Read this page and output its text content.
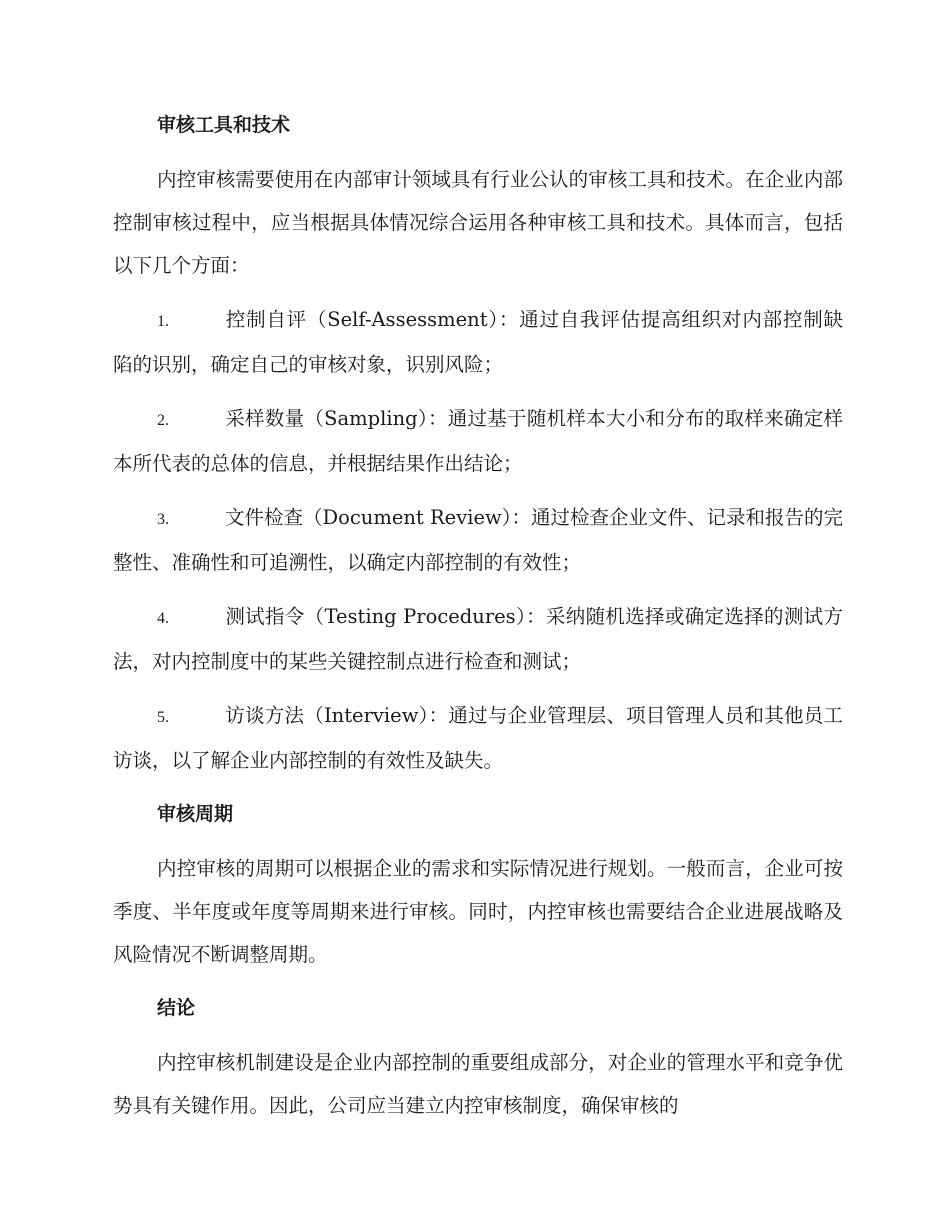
审核工具和技术
内控审核需要使用在内部审计领域具有行业公认的审核工具和技术。在企业内部控制审核过程中，应当根据具体情况综合运用各种审核工具和技术。具体而言，包括以下几个方面：
1.	控制自评（Self-Assessment）：通过自我评估提高组织对内部控制缺陷的识别，确定自己的审核对象，识别风险；
2.	采样数量（Sampling）：通过基于随机样本大小和分布的取样来确定样本所代表的总体的信息，并根据结果作出结论；
3.	文件检查（Document Review）：通过检查企业文件、记录和报告的完整性、准确性和可追溯性，以确定内部控制的有效性；
4.	测试指令（Testing Procedures）：采纳随机选择或确定选择的测试方法，对内控制度中的某些关键控制点进行检查和测试；
5.	访谈方法（Interview）：通过与企业管理层、项目管理人员和其他员工访谈，以了解企业内部控制的有效性及缺失。
审核周期
内控审核的周期可以根据企业的需求和实际情况进行规划。一般而言，企业可按季度、半年度或年度等周期来进行审核。同时，内控审核也需要结合企业进展战略及风险情况不断调整周期。
结论
内控审核机制建设是企业内部控制的重要组成部分，对企业的管理水平和竞争优势具有关键作用。因此，公司应当建立内控审核制度，确保审核的
